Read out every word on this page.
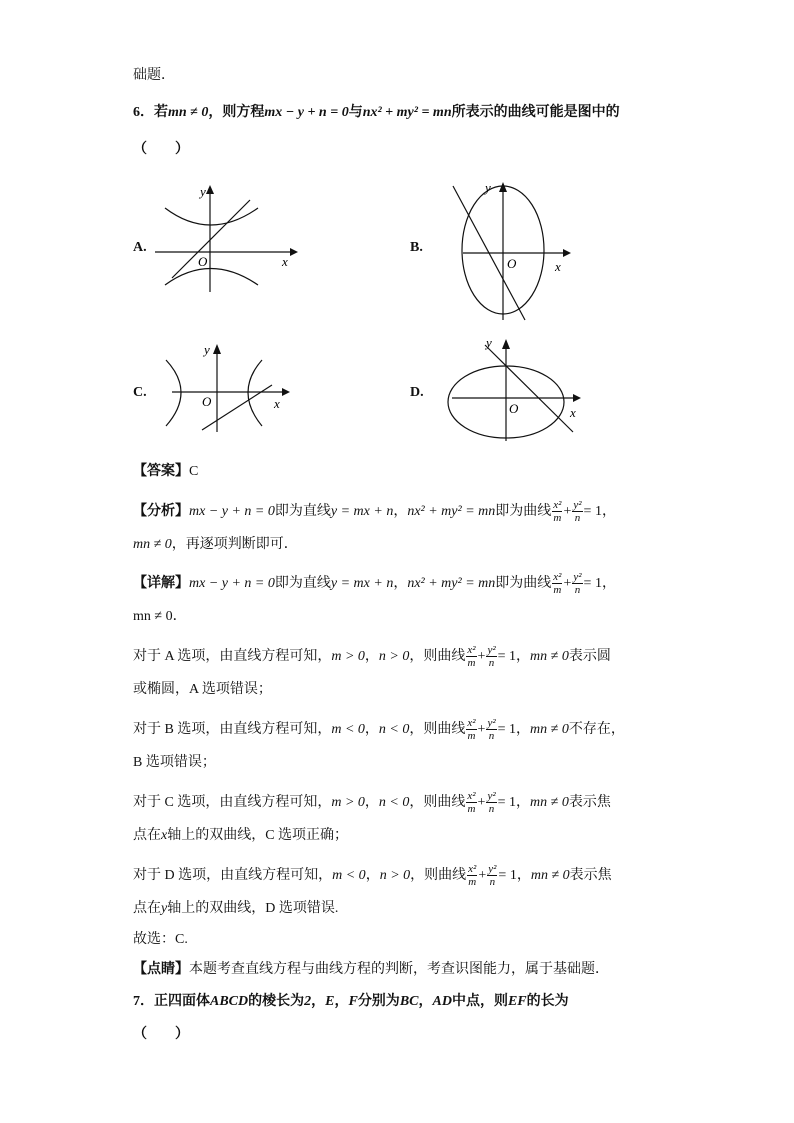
础题．
6．若mn ≠ 0，则方程mx − y + n = 0与nx² + my² = mn所表示的曲线可能是图中的
（　　）
A.	B.
C.	D.
y
x
O
y
x
O
y
x
O
y
x
O
【答案】C
【分析】mx − y + n = 0即为直线y = mx + n，nx² + my² = mn即为曲线 $\frac{\text{x²}}{m} + \frac{\text{y²}}{n} = 1$，
mn ≠ 0，再逐项判断即可．
【详解】mx − y + n = 0即为直线y = mx + n，nx² + my² = mn即为曲线 $\frac{\text{x²}}{m} + \frac{\text{y²}}{n} = 1$，
mn ≠ 0．
对于 A 选项，由直线方程可知，m > 0，n > 0，则曲线 $\frac{\text{x²}}{m} + \frac{\text{y²}}{n} = 1$，mn ≠ 0表示圆
或椭圆，A 选项错误；
对于 B 选项，由直线方程可知，m < 0，n < 0，则曲线 $\frac{\text{x²}}{m} + \frac{\text{y²}}{n} = 1$，mn ≠ 0不存在，
B 选项错误；
对于 C 选项，由直线方程可知，m > 0，n < 0，则曲线 $\frac{\text{x²}}{m} + \frac{\text{y²}}{n} = 1$，mn ≠ 0表示焦
点在x轴上的双曲线，C 选项正确；
对于 D 选项，由直线方程可知，m < 0，n > 0，则曲线 $\frac{\text{x²}}{m} + \frac{\text{y²}}{n} = 1$，mn ≠ 0表示焦
点在y轴上的双曲线，D 选项错误.
故选：C.
【点睛】本题考查直线方程与曲线方程的判断，考查识图能力，属于基础题．
7．正四面体ABCD的棱长为2，E，F分别为BC，AD中点，则EF的长为
（　　）
